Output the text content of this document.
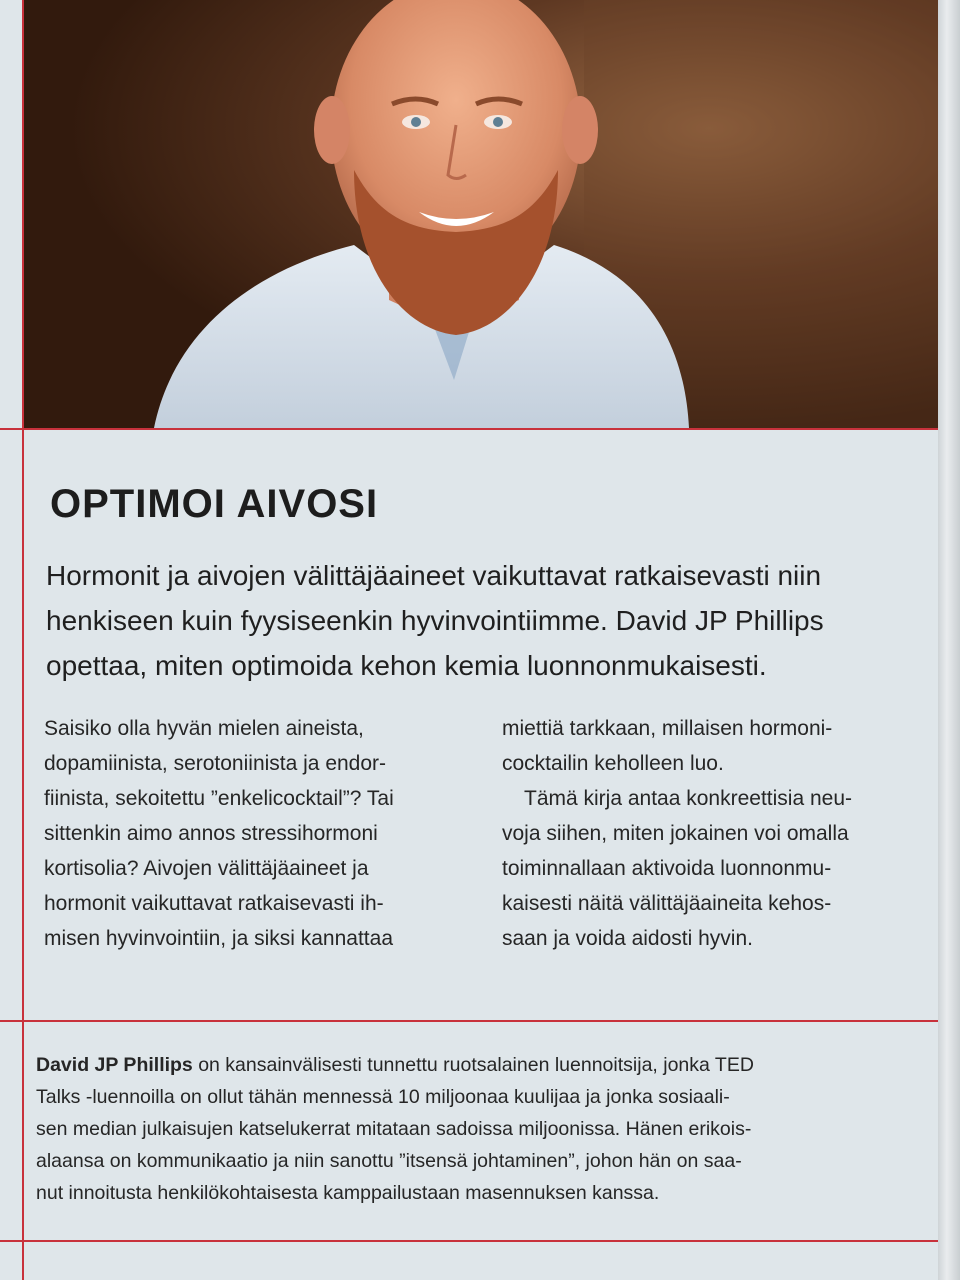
OPTIMOI AIVOSI
Hormonit ja aivojen välittäjäaineet vaikuttavat ratkaisevasti niin
henkiseen kuin fyysiseenkin hyvinvointiimme. David JP Phillips
opettaa, miten optimoida kehon kemia luonnonmukaisesti.
Saisiko olla hyvän mielen aineista,
dopamiinista, serotoniinista ja endor-
fiinista, sekoitettu ”enkelicocktail”? Tai
sittenkin aimo annos stressihormoni
kortisolia? Aivojen välittäjäaineet ja
hormonit vaikuttavat ratkaisevasti ih-
misen hyvinvointiin, ja siksi kannattaa
miettiä tarkkaan, millaisen hormoni-
cocktailin keholleen luo.
Tämä kirja antaa konkreettisia neu-
voja siihen, miten jokainen voi omalla
toiminnallaan aktivoida luonnonmu-
kaisesti näitä välittäjäaineita kehos-
saan ja voida aidosti hyvin.
David JP Phillips on kansainvälisesti tunnettu ruotsalainen luennoitsija, jonka TED
Talks -luennoilla on ollut tähän mennessä 10 miljoonaa kuulijaa ja jonka sosiaali-
sen median julkaisujen katselukerrat mitataan sadoissa miljoonissa. Hänen erikois-
alaansa on kommunikaatio ja niin sanottu ”itsensä johtaminen”, johon hän on saa-
nut innoitusta henkilökohtaisesta kamppailustaan masennuksen kanssa.
